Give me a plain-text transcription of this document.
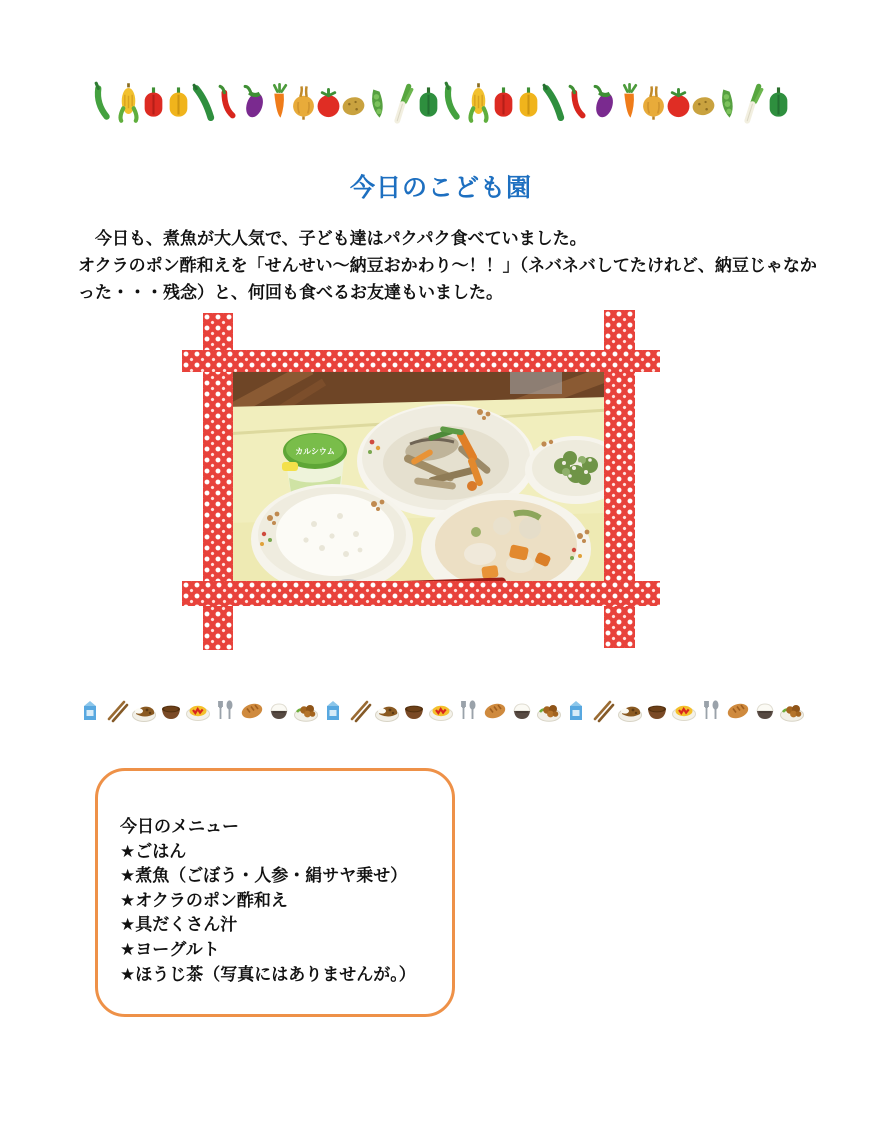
今日のこども園

　今日も、煮魚が大人気で、子ども達はパクパク食べていました。

オクラのポン酢和えを「せんせい～納豆おかわり～！！」（ネバネバしてたけれど、納豆じゃなかった・・・残念）と、何回も食べるお友達もいました。

カルシウム
今日のメニュー
★ごはん
★煮魚（ごぼう・人参・絹サヤ乗せ）
★オクラのポン酢和え
★具だくさん汁
★ヨーグルト
★ほうじ茶（写真にはありませんが。）
